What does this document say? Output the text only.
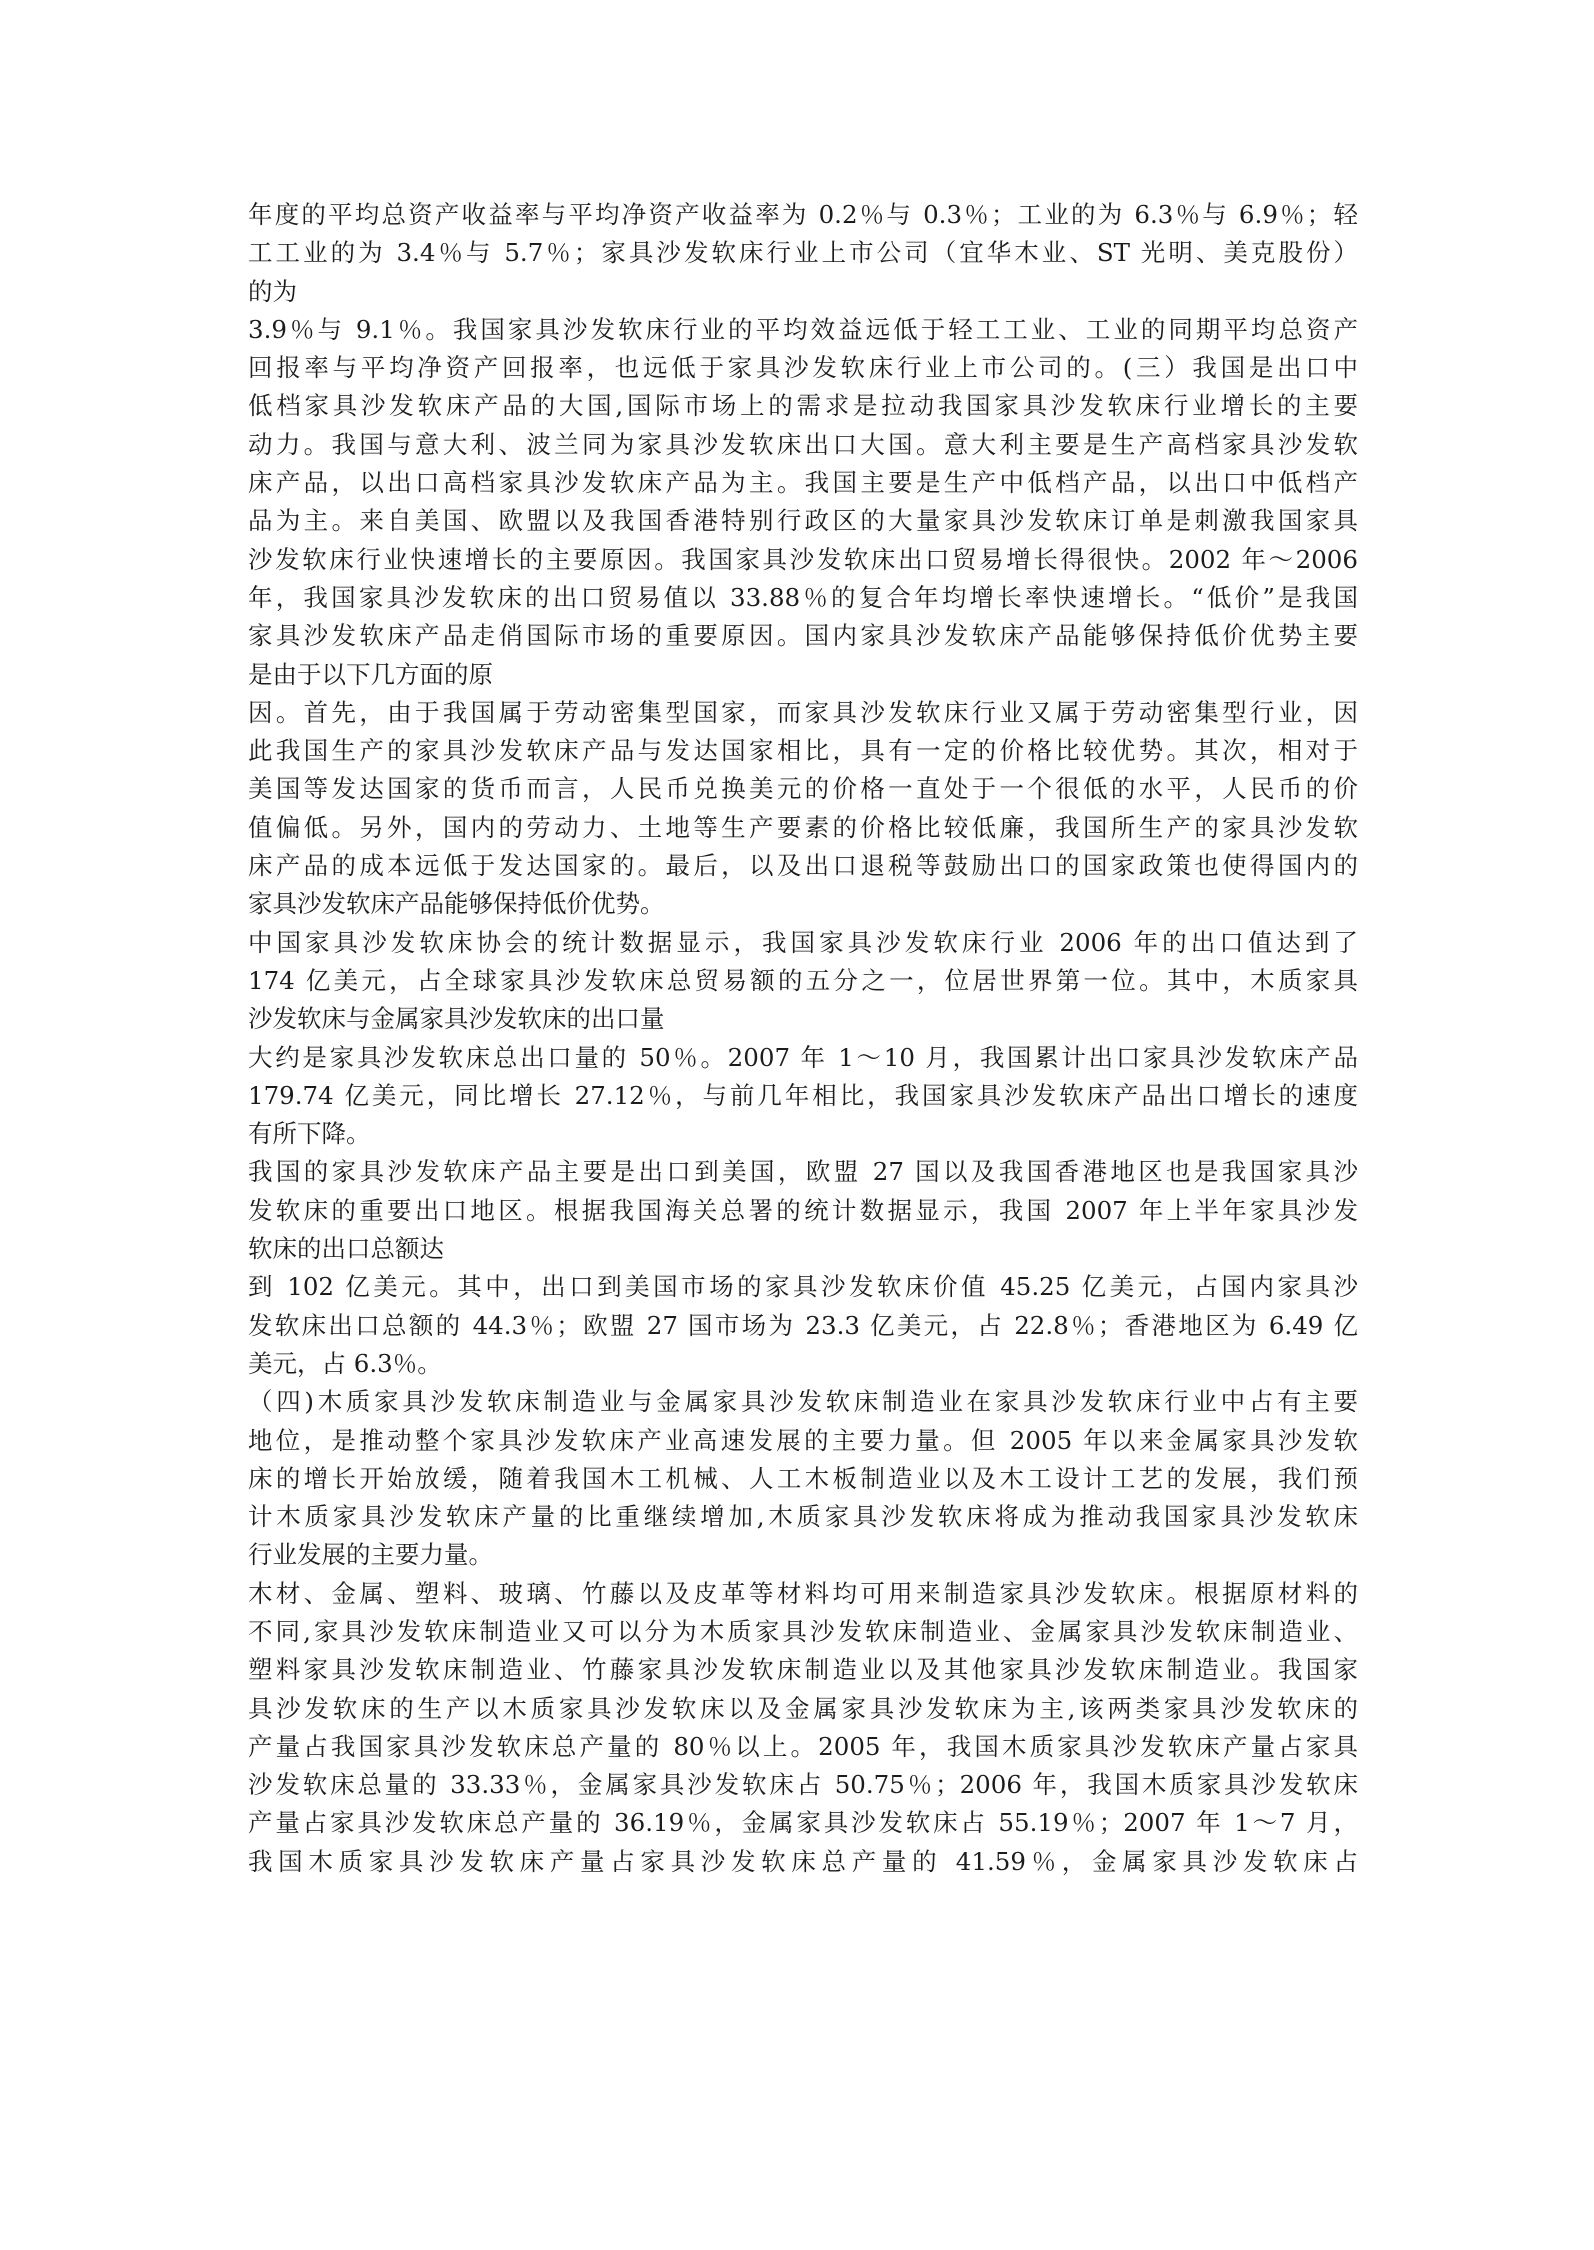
年度的平均总资产收益率与平均净资产收益率为 0.2％与 0.3％；工业的为 6.3％与 6.9％；轻
工工业的为 3.4％与 5.7％；家具沙发软床行业上市公司（宜华木业、ST 光明、美克股份）
的为
3.9％与 9.1％。我国家具沙发软床行业的平均效益远低于轻工工业、工业的同期平均总资产
回报率与平均净资产回报率，也远低于家具沙发软床行业上市公司的。(三）我国是出口中
低档家具沙发软床产品的大国,国际市场上的需求是拉动我国家具沙发软床行业增长的主要
动力。我国与意大利、波兰同为家具沙发软床出口大国。意大利主要是生产高档家具沙发软
床产品，以出口高档家具沙发软床产品为主。我国主要是生产中低档产品，以出口中低档产
品为主。来自美国、欧盟以及我国香港特别行政区的大量家具沙发软床订单是刺激我国家具
沙发软床行业快速增长的主要原因。我国家具沙发软床出口贸易增长得很快。2002 年～2006
年，我国家具沙发软床的出口贸易值以 33.88％的复合年均增长率快速增长。“低价”是我国
家具沙发软床产品走俏国际市场的重要原因。国内家具沙发软床产品能够保持低价优势主要
是由于以下几方面的原
因。首先，由于我国属于劳动密集型国家，而家具沙发软床行业又属于劳动密集型行业，因
此我国生产的家具沙发软床产品与发达国家相比，具有一定的价格比较优势。其次，相对于
美国等发达国家的货币而言，人民币兑换美元的价格一直处于一个很低的水平，人民币的价
值偏低。另外，国内的劳动力、土地等生产要素的价格比较低廉，我国所生产的家具沙发软
床产品的成本远低于发达国家的。最后，以及出口退税等鼓励出口的国家政策也使得国内的
家具沙发软床产品能够保持低价优势。
中国家具沙发软床协会的统计数据显示，我国家具沙发软床行业 2006 年的出口值达到了
174 亿美元，占全球家具沙发软床总贸易额的五分之一，位居世界第一位。其中，木质家具
沙发软床与金属家具沙发软床的出口量
大约是家具沙发软床总出口量的 50％。2007 年 1～10 月，我国累计出口家具沙发软床产品
179.74 亿美元，同比增长 27.12％，与前几年相比，我国家具沙发软床产品出口增长的速度
有所下降。
我国的家具沙发软床产品主要是出口到美国，欧盟 27 国以及我国香港地区也是我国家具沙
发软床的重要出口地区。根据我国海关总署的统计数据显示，我国 2007 年上半年家具沙发
软床的出口总额达
到 102 亿美元。其中，出口到美国市场的家具沙发软床价值 45.25 亿美元，占国内家具沙
发软床出口总额的 44.3％；欧盟 27 国市场为 23.3 亿美元，占 22.8％；香港地区为 6.49 亿
美元，占 6.3％。
（四)木质家具沙发软床制造业与金属家具沙发软床制造业在家具沙发软床行业中占有主要
地位，是推动整个家具沙发软床产业高速发展的主要力量。但 2005 年以来金属家具沙发软
床的增长开始放缓，随着我国木工机械、人工木板制造业以及木工设计工艺的发展，我们预
计木质家具沙发软床产量的比重继续增加,木质家具沙发软床将成为推动我国家具沙发软床
行业发展的主要力量。
木材、金属、塑料、玻璃、竹藤以及皮革等材料均可用来制造家具沙发软床。根据原材料的
不同,家具沙发软床制造业又可以分为木质家具沙发软床制造业、金属家具沙发软床制造业、
塑料家具沙发软床制造业、竹藤家具沙发软床制造业以及其他家具沙发软床制造业。我国家
具沙发软床的生产以木质家具沙发软床以及金属家具沙发软床为主,该两类家具沙发软床的
产量占我国家具沙发软床总产量的 80％以上。2005 年，我国木质家具沙发软床产量占家具
沙发软床总量的 33.33％，金属家具沙发软床占 50.75％；2006 年，我国木质家具沙发软床
产量占家具沙发软床总产量的 36.19％，金属家具沙发软床占 55.19％；2007 年 1～7 月，
我国木质家具沙发软床产量占家具沙发软床总产量的 41.59％，金属家具沙发软床占
